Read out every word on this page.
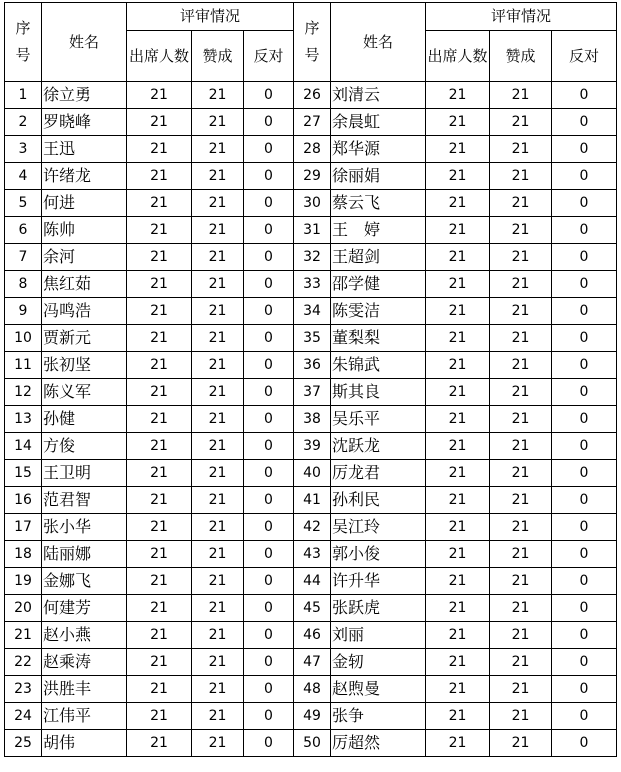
序号	姓名	评审情况			序号	姓名	评审情况		
		出席人数	赞成	反对			出席人数	赞成	反对
1	徐立勇	21	21	0	26	刘清云	21	21	0
2	罗晓峰	21	21	0	27	余晨虹	21	21	0
3	王迅	21	21	0	28	郑华源	21	21	0
4	许绪龙	21	21	0	29	徐丽娟	21	21	0
5	何进	21	21	0	30	蔡云飞	21	21	0
6	陈帅	21	21	0	31	王　婷	21	21	0
7	余河	21	21	0	32	王超剑	21	21	0
8	焦红茹	21	21	0	33	邵学健	21	21	0
9	冯鸣浩	21	21	0	34	陈雯洁	21	21	0
10	贾新元	21	21	0	35	董梨梨	21	21	0
11	张初坚	21	21	0	36	朱锦武	21	21	0
12	陈义军	21	21	0	37	斯其良	21	21	0
13	孙健	21	21	0	38	吴乐平	21	21	0
14	方俊	21	21	0	39	沈跃龙	21	21	0
15	王卫明	21	21	0	40	厉龙君	21	21	0
16	范君智	21	21	0	41	孙利民	21	21	0
17	张小华	21	21	0	42	吴江玲	21	21	0
18	陆丽娜	21	21	0	43	郭小俊	21	21	0
19	金娜飞	21	21	0	44	许升华	21	21	0
20	何建芳	21	21	0	45	张跃虎	21	21	0
21	赵小燕	21	21	0	46	刘丽	21	21	0
22	赵乘涛	21	21	0	47	金轫	21	21	0
23	洪胜丰	21	21	0	48	赵煦曼	21	21	0
24	江伟平	21	21	0	49	张争	21	21	0
25	胡伟	21	21	0	50	厉超然	21	21	0
